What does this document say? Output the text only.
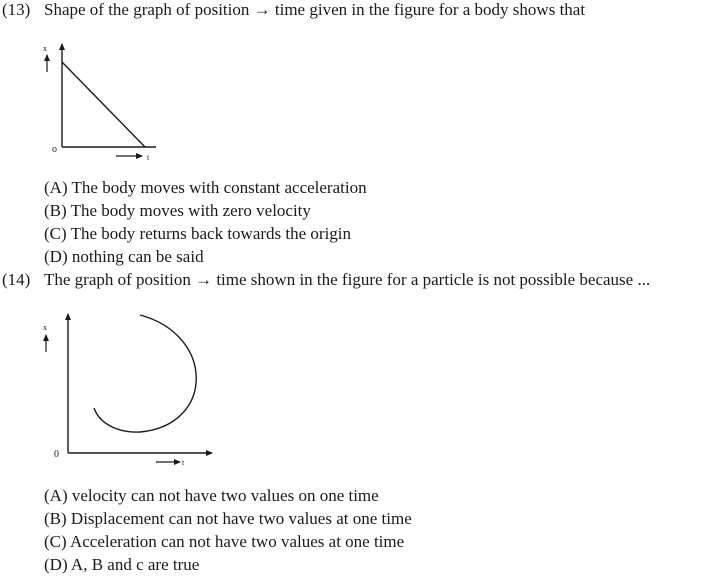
(13) Shape of the graph of position → time given in the figure for a body shows that
(14) The graph of position → time shown in the figure for a particle is not possible because ...
(A) The body moves with constant acceleration
(B) The body moves with zero velocity
(C) The body returns back towards the origin
(D) nothing can be said
(A) velocity can not have two values on one time
(B) Displacement can not have two values at one time
(C) Acceleration can not have two values at one time
(D) A, B and c are true
x
o
t
x
0
t
